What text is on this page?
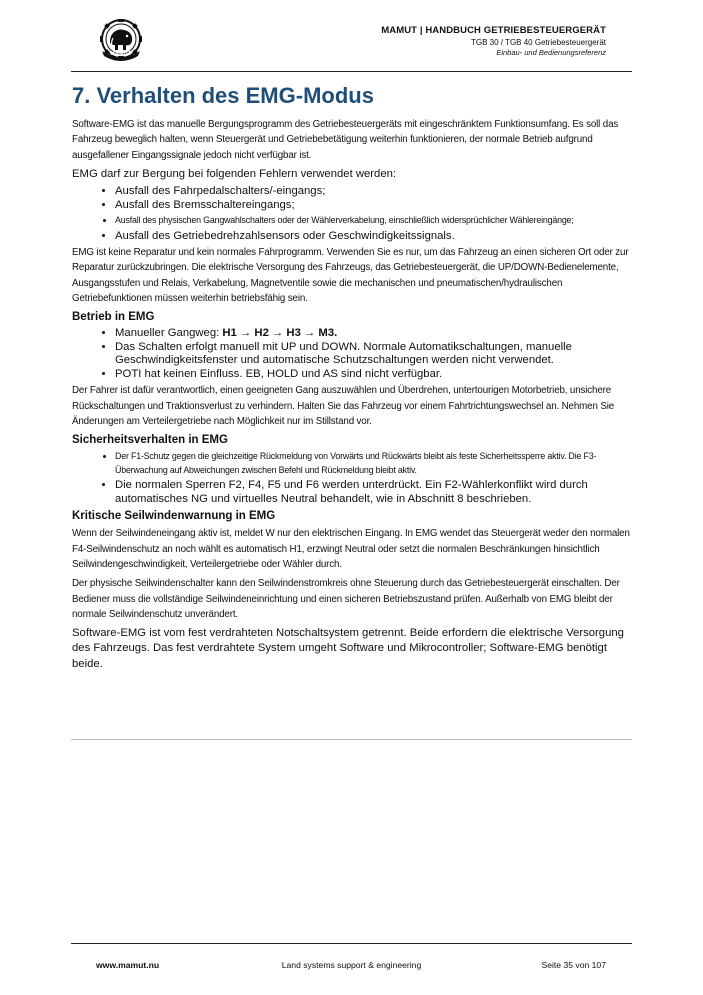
MAMUT
MAMUT | HANDBUCH GETRIEBESTEUERGERÄT
TGB 30 / TGB 40 Getriebesteuergerät
Einbau- und Bedienungsreferenz
7. Verhalten des EMG-Modus

Software-EMG ist das manuelle Bergungsprogramm des Getriebesteuergeräts mit eingeschränktem Funktionsumfang. Es soll das Fahrzeug beweglich halten, wenn Steuergerät und Getriebebetätigung weiterhin funktionieren, der normale Betrieb aufgrund ausgefallener Eingangssignale jedoch nicht verfügbar ist.

EMG darf zur Bergung bei folgenden Fehlern verwendet werden:

• Ausfall des Fahrpedalschalters/-eingangs;
• Ausfall des Bremsschaltereingangs;
• Ausfall des physischen Gangwahlschalters oder der Wählerverkabelung, einschließlich widersprüchlicher Wählereingänge;
• Ausfall des Getriebedrehzahlsensors oder Geschwindigkeitssignals.

EMG ist keine Reparatur und kein normales Fahrprogramm. Verwenden Sie es nur, um das Fahrzeug an einen sicheren Ort oder zur Reparatur zurückzubringen. Die elektrische Versorgung des Fahrzeugs, das Getriebesteuergerät, die UP/DOWN-Bedienelemente, Ausgangsstufen und Relais, Verkabelung, Magnetventile sowie die mechanischen und pneumatischen/hydraulischen Getriebefunktionen müssen weiterhin betriebsfähig sein.

Betrieb in EMG
• Manueller Gangweg: H1 → H2 → H3 → M3.
• Das Schalten erfolgt manuell mit UP und DOWN. Normale Automatikschaltungen, manuelle Geschwindigkeitsfenster und automatische Schutzschaltungen werden nicht verwendet.
• POTI hat keinen Einfluss. EB, HOLD und AS sind nicht verfügbar.

Der Fahrer ist dafür verantwortlich, einen geeigneten Gang auszuwählen und Überdrehen, untertourigen Motorbetrieb, unsichere Rückschaltungen und Traktionsverlust zu verhindern. Halten Sie das Fahrzeug vor einem Fahrtrichtungswechsel an. Nehmen Sie Änderungen am Verteilergetriebe nach Möglichkeit nur im Stillstand vor.

Sicherheitsverhalten in EMG
• Der F1-Schutz gegen die gleichzeitige Rückmeldung von Vorwärts und Rückwärts bleibt als feste Sicherheitssperre aktiv. Die F3-Überwachung auf Abweichungen zwischen Befehl und Rückmeldung bleibt aktiv.
• Die normalen Sperren F2, F4, F5 und F6 werden unterdrückt. Ein F2-Wählerkonflikt wird durch automatisches NG und virtuelles Neutral behandelt, wie in Abschnitt 8 beschrieben.
Kritische Seilwindenwarnung in EMG

Wenn der Seilwindeneingang aktiv ist, meldet W nur den elektrischen Eingang. In EMG wendet das Steuergerät weder den normalen F4-Seilwindenschutz an noch wählt es automatisch H1, erzwingt Neutral oder setzt die normalen Beschränkungen hinsichtlich Seilwindengeschwindigkeit, Verteilergetriebe oder Wähler durch.

Der physische Seilwindenschalter kann den Seilwindenstromkreis ohne Steuerung durch das Getriebesteuergerät einschalten. Der Bediener muss die vollständige Seilwindeneinrichtung und einen sicheren Betriebszustand prüfen. Außerhalb von EMG bleibt der normale Seilwindenschutz unverändert.

Software-EMG ist vom fest verdrahteten Notschaltsystem getrennt. Beide erfordern die elektrische Versorgung des Fahrzeugs. Das fest verdrahtete System umgeht Software und Mikrocontroller; Software-EMG benötigt beide.

www.mamut.nu	Land systems support & engineering	Seite 35 von 107
